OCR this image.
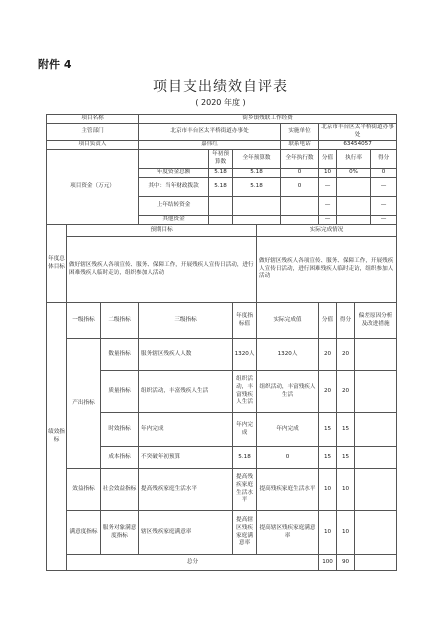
附件 4
项目支出绩效自评表
( 2020 年度 )
项目名称			街乡镇残联工作经费								
主管部门			北京市丰台区太平桥街道办事处				实施单位	北京市丰台区太平桥街道办事处			
项目负责人			嘉伟红				联系电话	63454057			
项目资金（万元）				年初预算数	全年预算数		全年执行数	分值	执行率		得分
			年度资金总额	5.18	5.18		0	10	0%		0
			其中：当年财政拨款	5.18	5.18		0	—			—
			上年结转资金					—			—
			其他资金					—			—
年度总体目标	预期目标					实际完成情况					
	做好辖区残疾人各项宣传、服务、保障工作，开展残疾人宣传日活动，进行困难残疾人临时走访，组织参加人活动					做好辖区残疾人各项宣传、服务、保障工作，开展残疾人宣传日活动，进行困难残疾人临时走访，组织参加人活动					
绩效指标	一级指标	二级指标	三级指标		年度指标值	实际完成值		分值	得分	偏差原因分析及改进措施	
	产出指标	数量指标	服务辖区残疾人人数		1320人	1320人		20	20		
		质量指标	组织活动，丰富残疾人生活		组织活动，丰富残疾人生活	组织活动，丰富残疾人生活		20	20		
		时效指标	年内完成		年内完成	年内完成		15	15		
		成本指标	不突破年初预算		5.18	0		15	15		
	效益指标	社会效益指标	提高残疾家庭生活水平		提高残疾家庭生活水平	提高残疾家庭生活水平		10	10		
	满意度指标	服务对象满意度指标	辖区残疾家庭满意率		提高辖区残疾家庭满意率	提高辖区残疾家庭满意率		10	10		
	总分							100	90		
